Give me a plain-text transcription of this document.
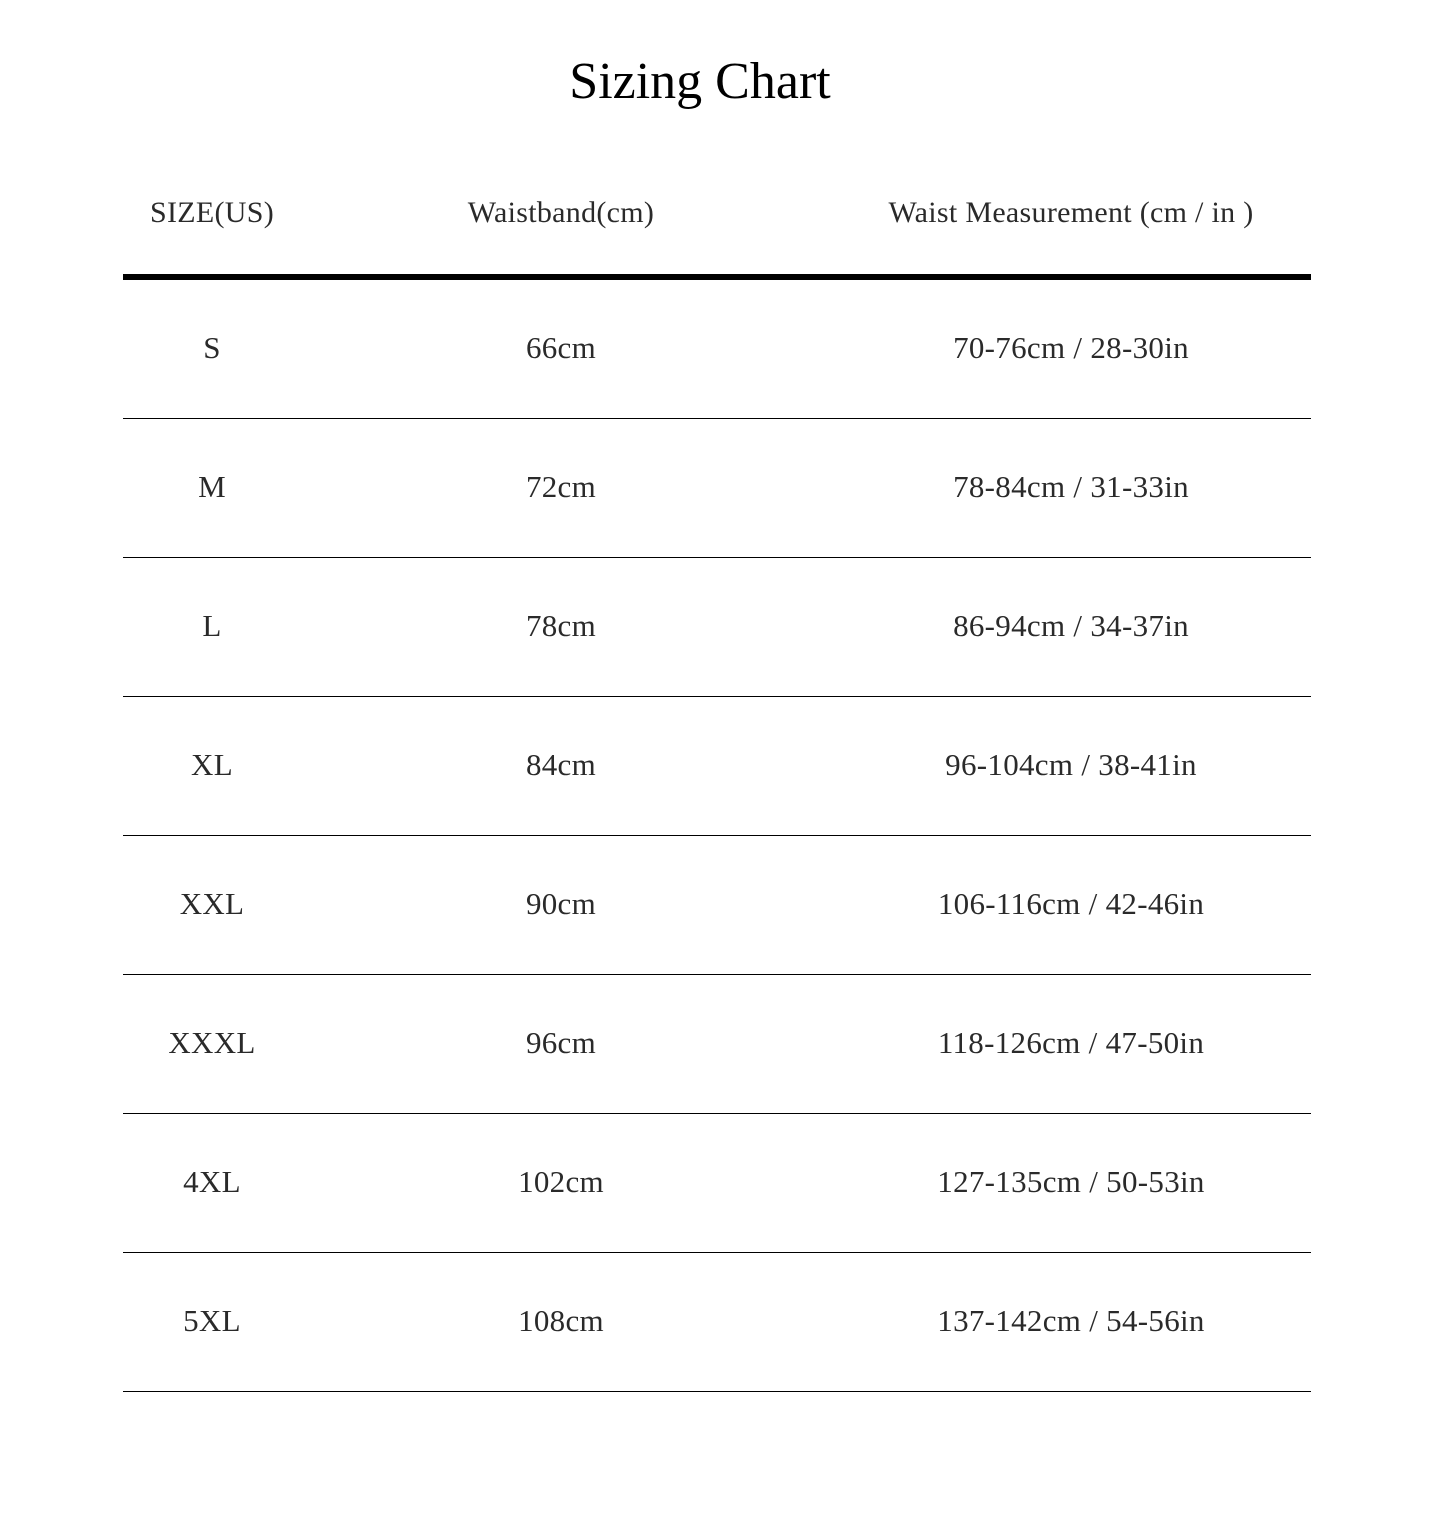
Sizing Chart
SIZE(US)	Waistband(cm)	Waist Measurement (cm / in )
S	66cm	70-76cm / 28-30in
M	72cm	78-84cm / 31-33in
L	78cm	86-94cm / 34-37in
XL	84cm	96-104cm / 38-41in
XXL	90cm	106-116cm / 42-46in
XXXL	96cm	118-126cm / 47-50in
4XL	102cm	127-135cm / 50-53in
5XL	108cm	137-142cm / 54-56in
